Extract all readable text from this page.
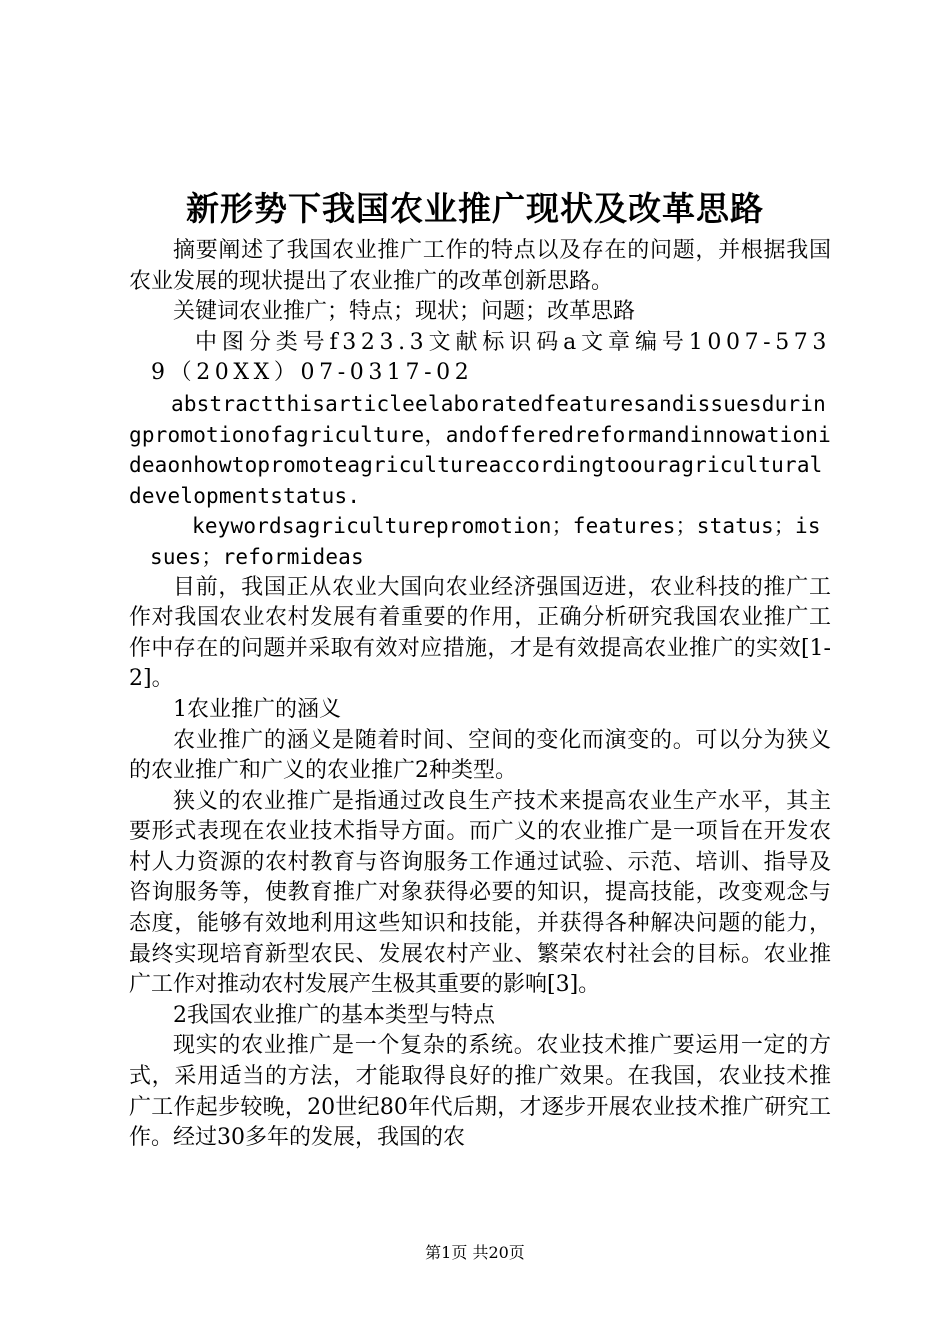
新形势下我国农业推广现状及改革思路

摘要阐述了我国农业推广工作的特点以及存在的问题，并根据我国农业发展的现状提出了农业推广的改革创新思路。

关键词农业推广；特点；现状；问题；改革思路

中图分类号f323.3文献标识码a文章编号1007-5739（20XX）07-0317-02

abstractthisarticleelaboratedfeaturesandissuesduringpromotionofagriculture，andofferedreformandinnowationideaonhowtopromoteagricultureaccordingtoouragriculturaldevelopmentstatus.

keywordsagriculturepromotion；features；status；issues；reformideas

目前，我国正从农业大国向农业经济强国迈进，农业科技的推广工作对我国农业农村发展有着重要的作用，正确分析研究我国农业推广工作中存在的问题并采取有效对应措施，才是有效提高农业推广的实效[1-2]。

1农业推广的涵义

农业推广的涵义是随着时间、空间的变化而演变的。可以分为狭义的农业推广和广义的农业推广2种类型。

狭义的农业推广是指通过改良生产技术来提高农业生产水平，其主要形式表现在农业技术指导方面。而广义的农业推广是一项旨在开发农村人力资源的农村教育与咨询服务工作通过试验、示范、培训、指导及咨询服务等，使教育推广对象获得必要的知识，提高技能，改变观念与态度，能够有效地利用这些知识和技能，并获得各种解决问题的能力，最终实现培育新型农民、发展农村产业、繁荣农村社会的目标。农业推广工作对推动农村发展产生极其重要的影响[3]。

2我国农业推广的基本类型与特点

现实的农业推广是一个复杂的系统。农业技术推广要运用一定的方式，采用适当的方法，才能取得良好的推广效果。在我国，农业技术推广工作起步较晚，20世纪80年代后期，才逐步开展农业技术推广研究工作。经过30多年的发展，我国的农

第1页 共20页
